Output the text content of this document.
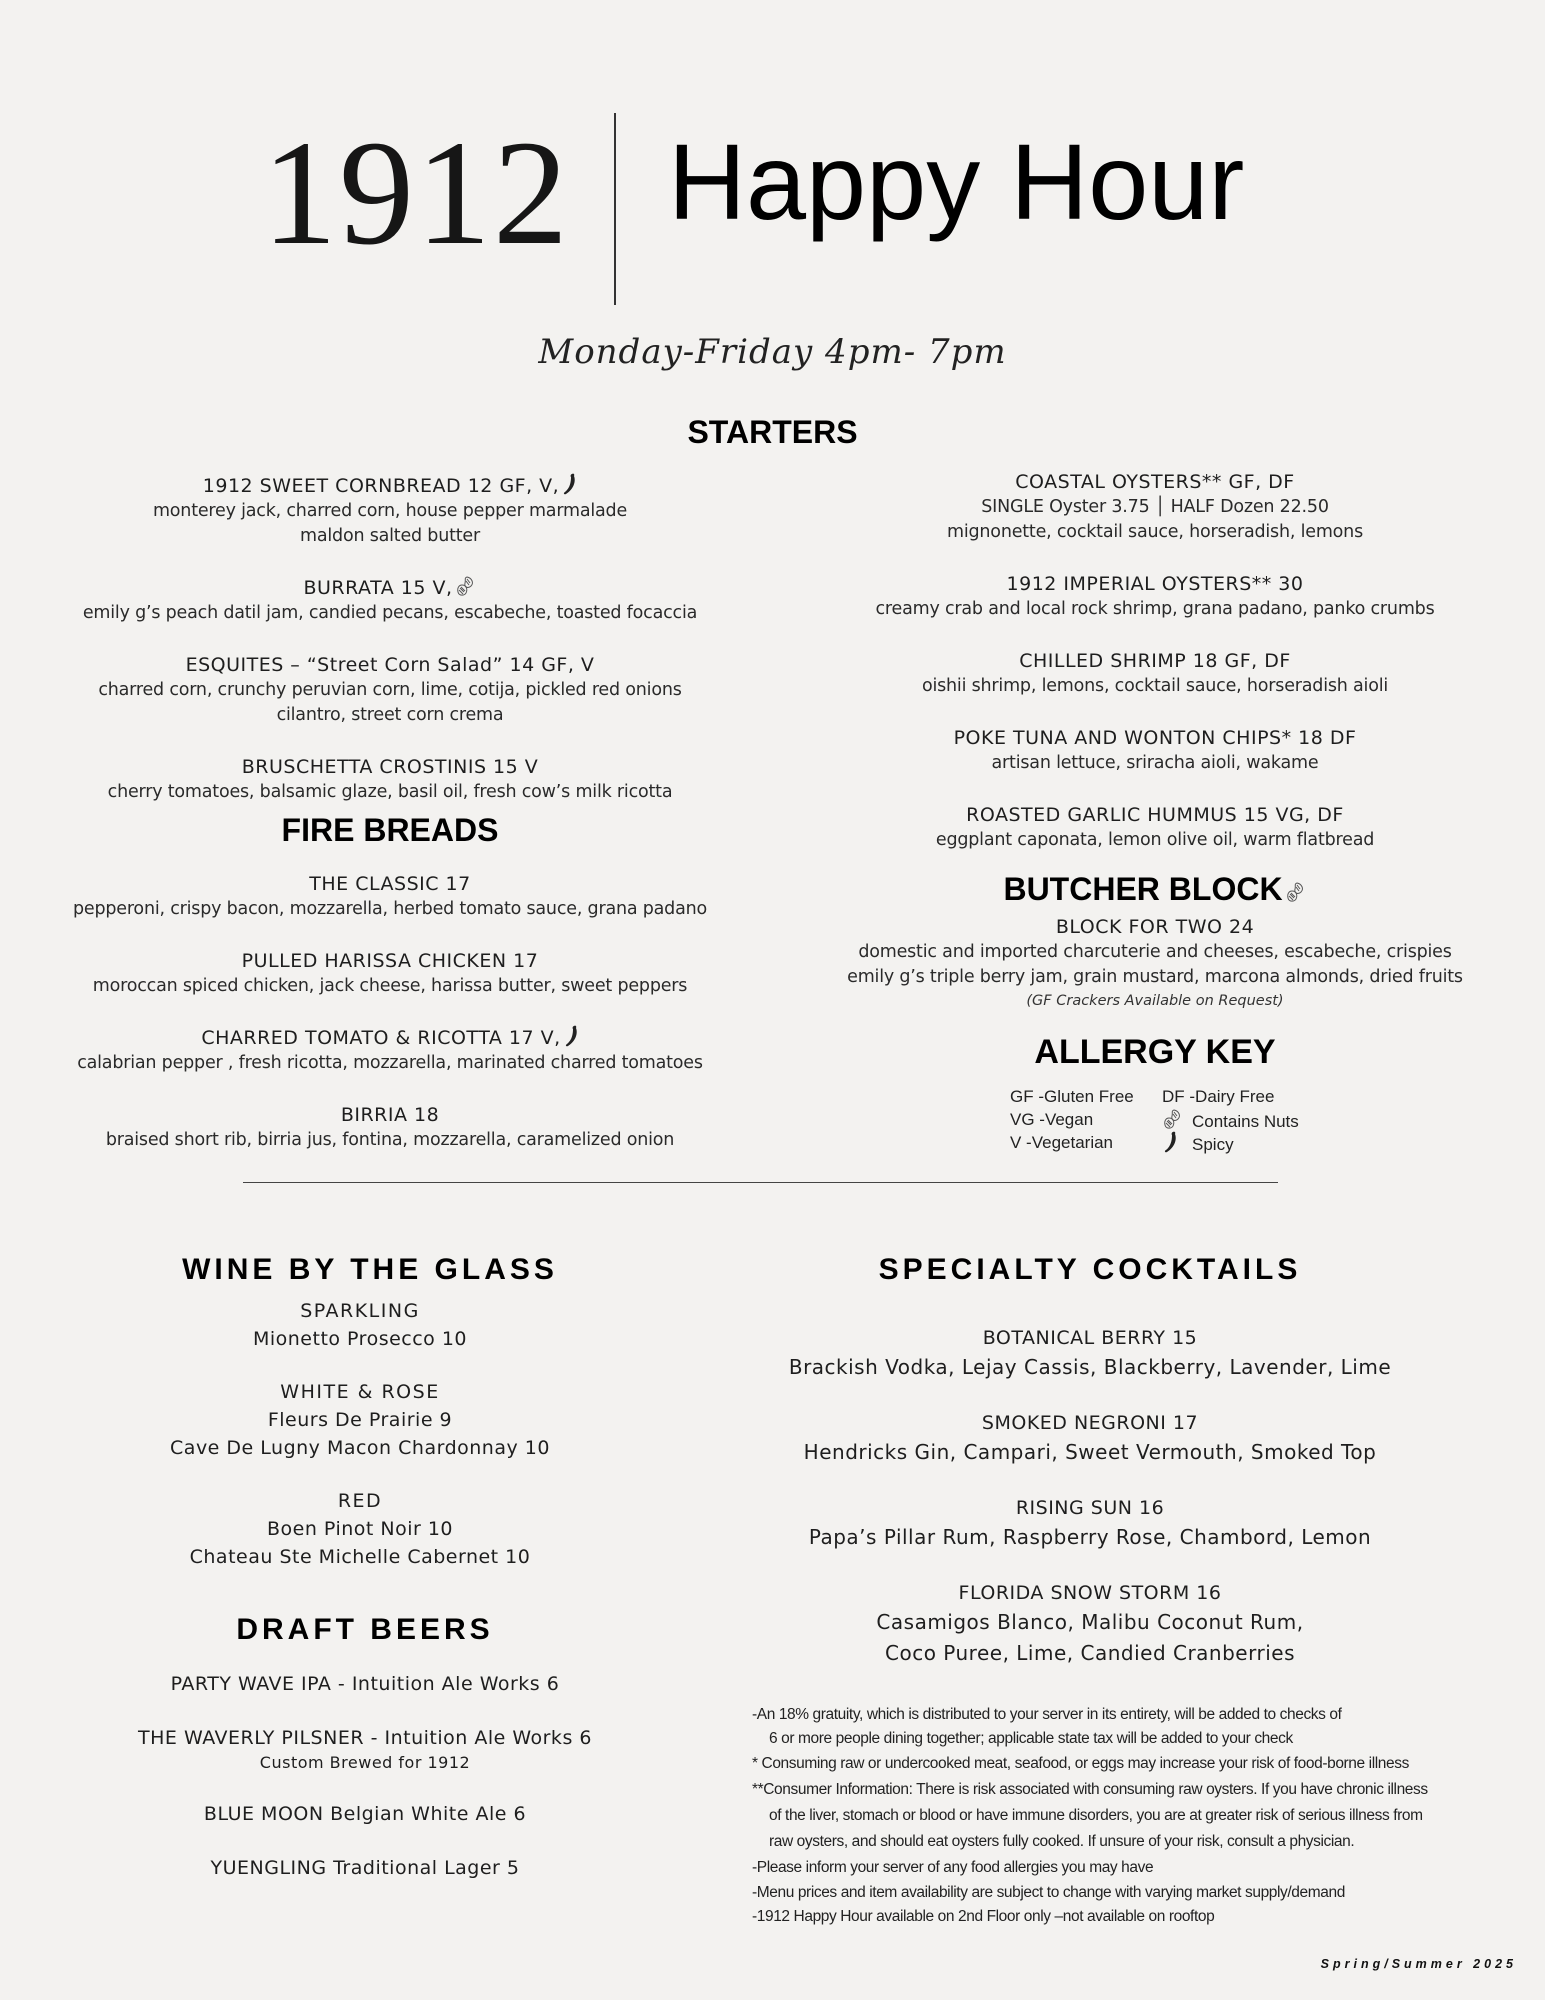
1912 Happy Hour
Monday-Friday 4pm- 7pm
STARTERS
1912 SWEET CORNBREAD 12 GF, V,
monterey jack, charred corn, house pepper marmalade
maldon salted butter
BURRATA 15 V,
emily g’s peach datil jam, candied pecans, escabeche, toasted focaccia
ESQUITES – “Street Corn Salad” 14 GF, V
charred corn, crunchy peruvian corn, lime, cotija, pickled red onions
cilantro, street corn crema
BRUSCHETTA CROSTINIS 15 V
cherry tomatoes, balsamic glaze, basil oil, fresh cow’s milk ricotta
COASTAL OYSTERS** GF, DF
SINGLE Oyster 3.75 │ HALF Dozen 22.50
mignonette, cocktail sauce, horseradish, lemons
1912 IMPERIAL OYSTERS** 30
creamy crab and local rock shrimp, grana padano, panko crumbs
CHILLED SHRIMP 18 GF, DF
oishii shrimp, lemons, cocktail sauce, horseradish aioli
POKE TUNA AND WONTON CHIPS* 18 DF
artisan lettuce, sriracha aioli, wakame
ROASTED GARLIC HUMMUS 15 VG, DF
eggplant caponata, lemon olive oil, warm flatbread
FIRE BREADS
THE CLASSIC 17
pepperoni, crispy bacon, mozzarella, herbed tomato sauce, grana padano
PULLED HARISSA CHICKEN 17
moroccan spiced chicken, jack cheese, harissa butter, sweet peppers
CHARRED TOMATO & RICOTTA 17 V,
calabrian pepper , fresh ricotta, mozzarella, marinated charred tomatoes
BIRRIA 18
braised short rib, birria jus, fontina, mozzarella, caramelized onion
BUTCHER BLOCK
BLOCK FOR TWO 24
domestic and imported charcuterie and cheeses, escabeche, crispies
emily g’s triple berry jam, grain mustard, marcona almonds, dried fruits
(GF Crackers Available on Request)
ALLERGY KEY
GF -Gluten Free
VG -Vegan
V -Vegetarian
DF -Dairy Free
Contains Nuts
Spicy
WINE BY THE GLASS
SPARKLING
Mionetto Prosecco 10
WHITE & ROSE
Fleurs De Prairie 9
Cave De Lugny Macon Chardonnay 10
RED
Boen Pinot Noir 10
Chateau Ste Michelle Cabernet 10
DRAFT BEERS
PARTY WAVE IPA - Intuition Ale Works 6
THE WAVERLY PILSNER - Intuition Ale Works 6
Custom Brewed for 1912
BLUE MOON Belgian White Ale 6
YUENGLING Traditional Lager 5
SPECIALTY COCKTAILS
BOTANICAL BERRY 15
Brackish Vodka, Lejay Cassis, Blackberry, Lavender, Lime
SMOKED NEGRONI 17
Hendricks Gin, Campari, Sweet Vermouth, Smoked Top
RISING SUN 16
Papa’s Pillar Rum, Raspberry Rose, Chambord, Lemon
FLORIDA SNOW STORM 16
Casamigos Blanco, Malibu Coconut Rum,
Coco Puree, Lime, Candied Cranberries
-An 18% gratuity, which is distributed to your server in its entirety, will be added to checks of
6 or more people dining together; applicable state tax will be added to your check
* Consuming raw or undercooked meat, seafood, or eggs may increase your risk of food-borne illness
**Consumer Information: There is risk associated with consuming raw oysters. If you have chronic illness
of the liver, stomach or blood or have immune disorders, you are at greater risk of serious illness from
raw oysters, and should eat oysters fully cooked. If unsure of your risk, consult a physician.
-Please inform your server of any food allergies you may have
-Menu prices and item availability are subject to change with varying market supply/demand
-1912 Happy Hour available on 2nd Floor only –not available on rooftop
Spring/Summer 2025
